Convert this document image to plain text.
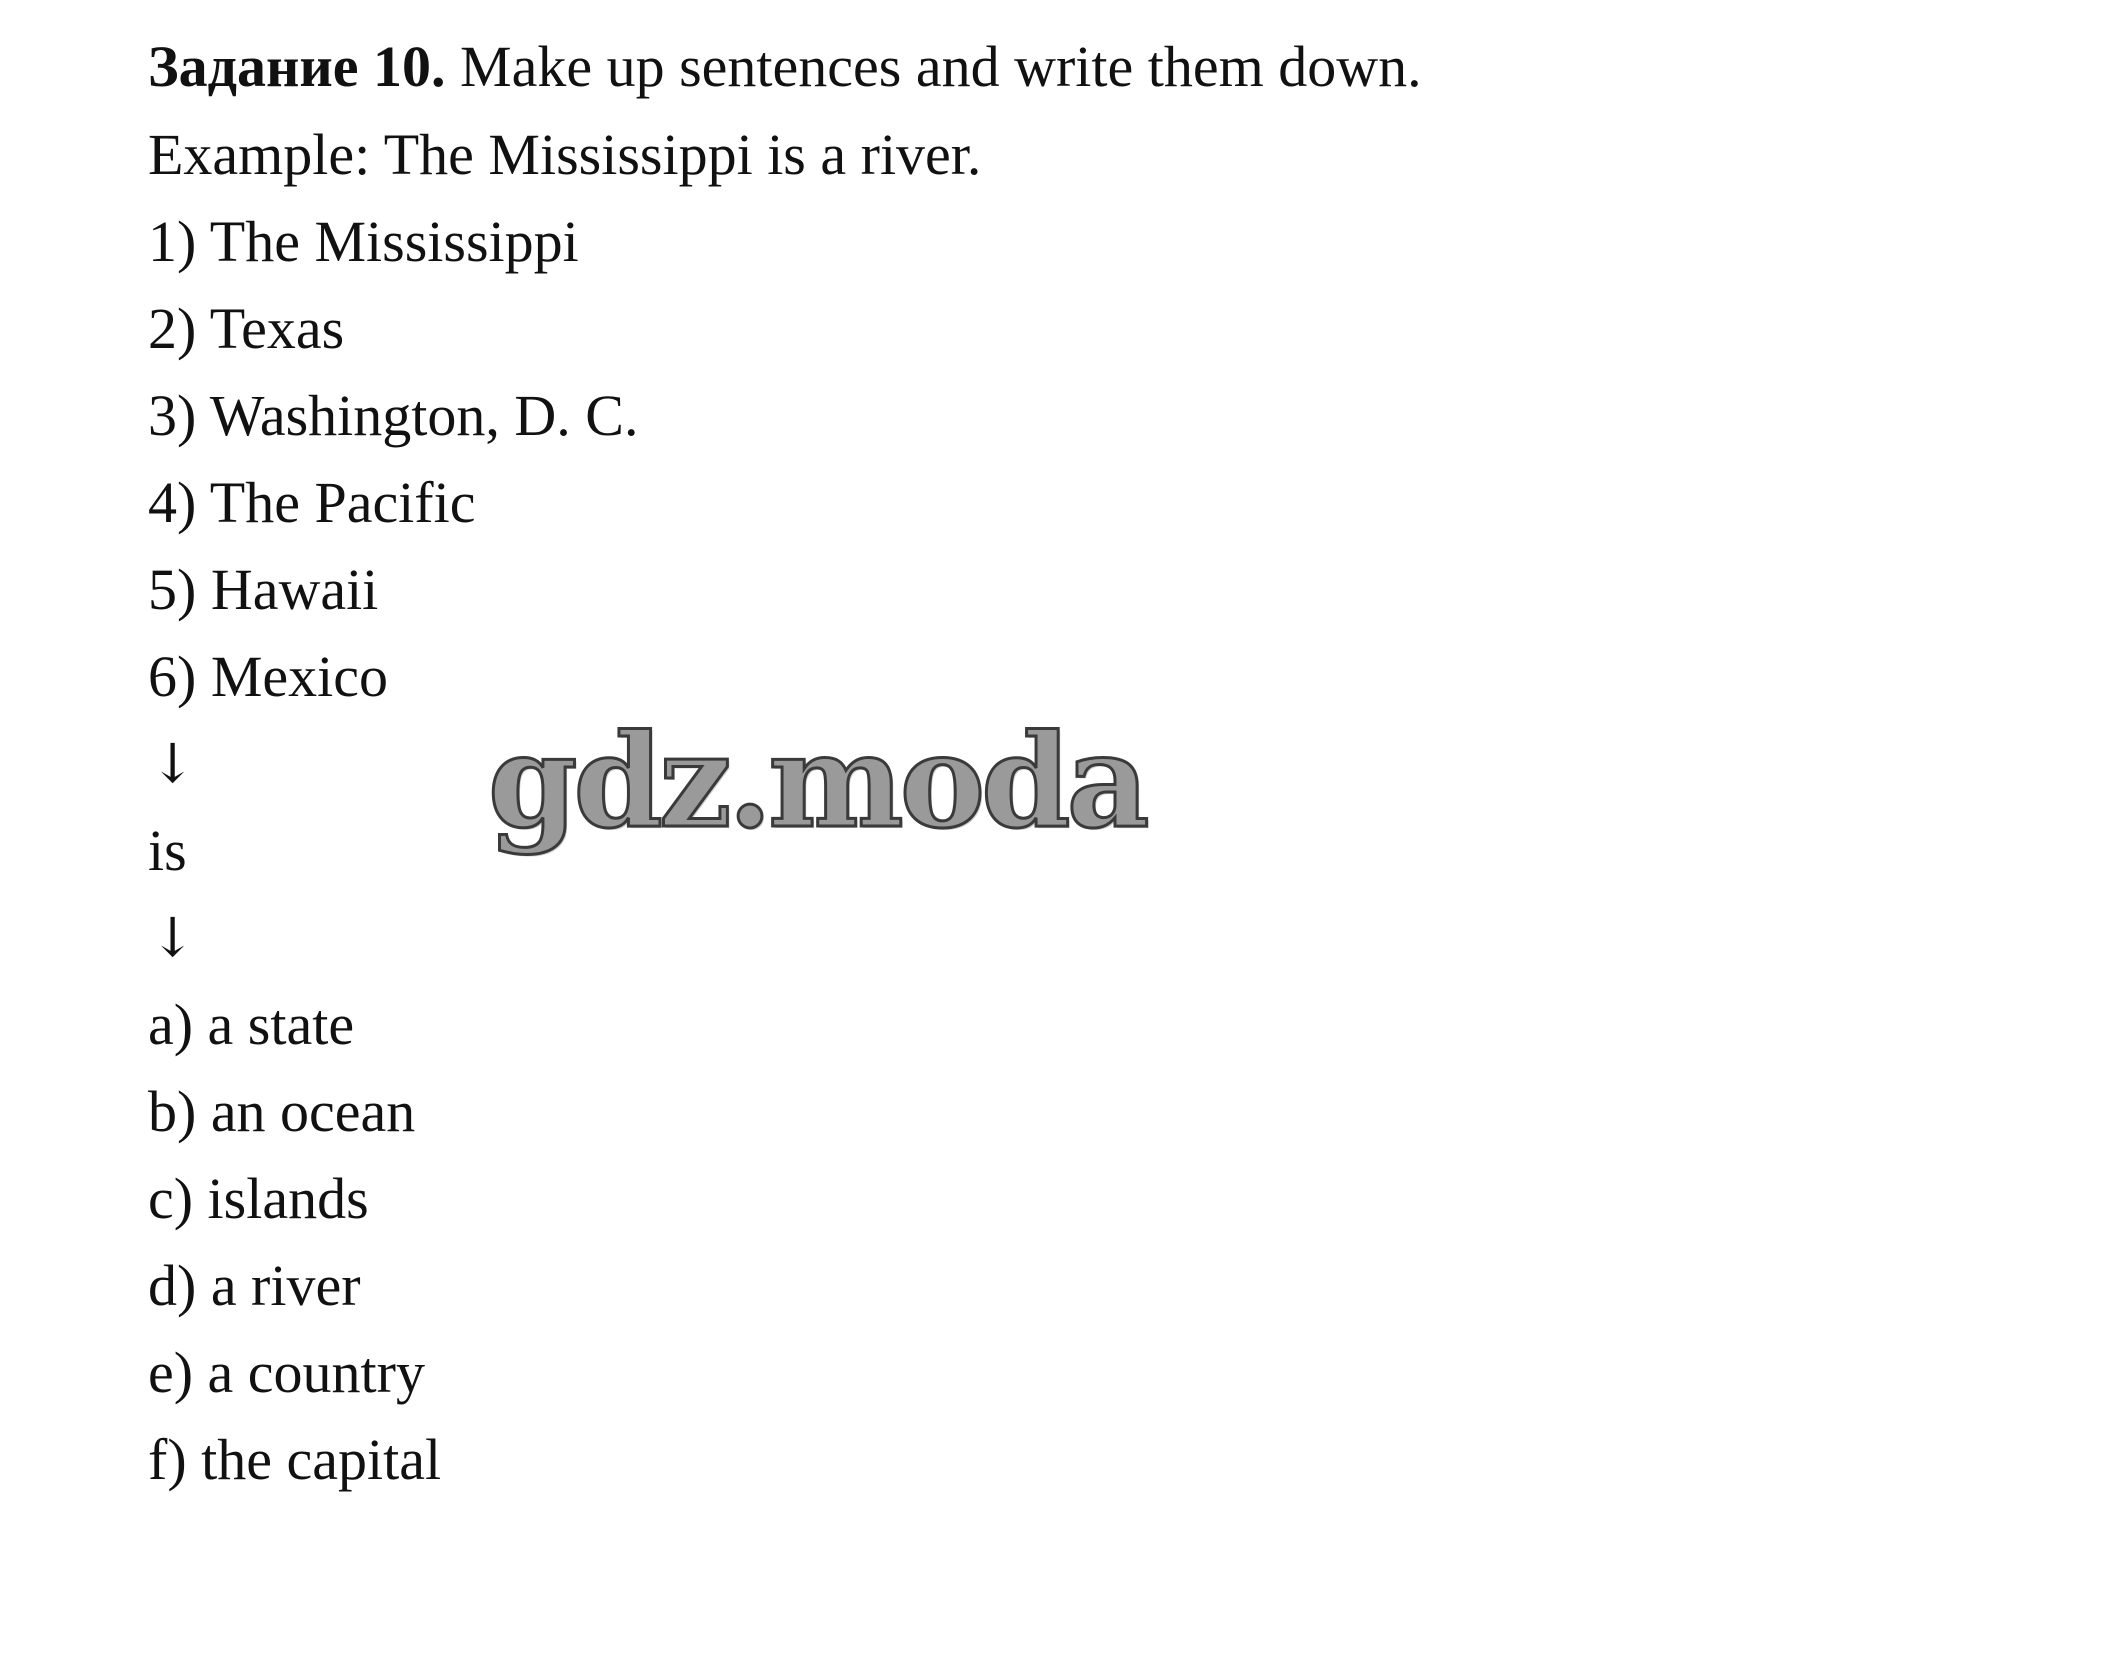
Задание 10. Make up sentences and write them down.
Example: The Mississippi is a river.
1) The Mississippi
2) Texas
3) Washington, D. C.
4) The Pacific
5) Hawaii
6) Mexico
↓
is
↓
a) a state
b) an ocean
c) islands
d) a river
e) a country
f) the capital
gdz.moda
